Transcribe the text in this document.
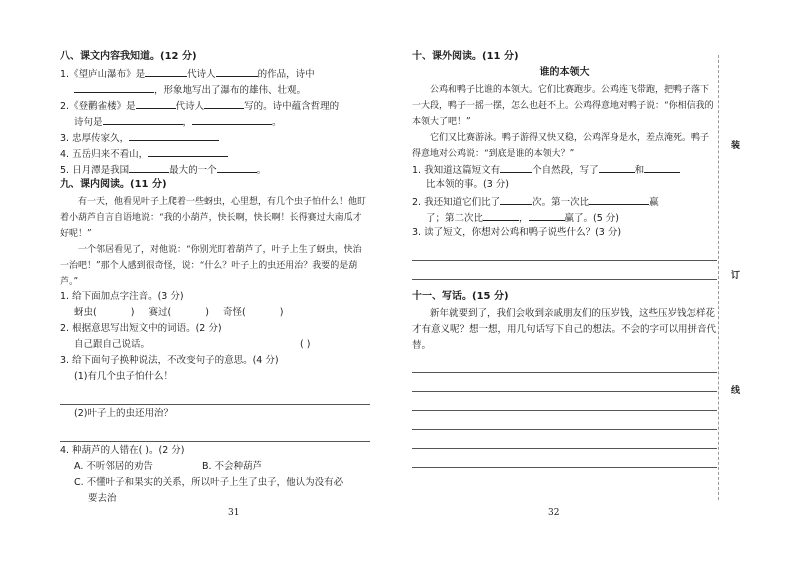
八、课文内容我知道。(12 分)
1.《望庐山瀑布》是	代诗人	的作品，诗中
，形象地写出了瀑布的雄伟、壮观。
2.《登鹳雀楼》是	代诗人	写的。诗中蕴含哲理的
诗句是	，	。
3. 忠厚传家久，
4. 五岳归来不看山，
5. 日月潭是我国	最大的一个	。
九、课内阅读。(11 分)
有一天，他看见叶子上爬着一些蚜虫，心里想，有几个虫子怕什么！他盯着小葫芦自言自语地说：“我的小葫芦，快长啊，快长啊！长得赛过大南瓜才好呢！”
一个邻居看见了，对他说：“你别光盯着葫芦了，叶子上生了蚜虫，快治一治吧！”那个人感到很奇怪，说：“什么？叶子上的虫还用治？我要的是葫芦。”
1. 给下面加点字注音。(3 分)
蚜虫(	) 赛过(	) 奇怪(	)
2. 根据意思写出短文中的词语。(2 分)
自己跟自己说话。	( )
3. 给下面句子换种说法，不改变句子的意思。(4 分)
(1)有几个虫子怕什么！
(2)叶子上的虫还用治？
4. 种葫芦的人错在( )。(2 分)
A. 不听邻居的劝告	B. 不会种葫芦
C. 不懂叶子和果实的关系，所以叶子上生了虫子，他认为没有必
要去治
31
十、课外阅读。(11 分)
谁的本领大
公鸡和鸭子比谁的本领大。它们比赛跑步。公鸡连飞带跑，把鸭子落下一大段，鸭子一摇一摆，怎么也赶不上。公鸡得意地对鸭子说：“你相信我的本领大了吧！”
它们又比赛游泳。鸭子游得又快又稳，公鸡浑身是水，差点淹死。鸭子得意地对公鸡说：“到底是谁的本领大？”
1. 我知道这篇短文有	个自然段，写了	和
比本领的事。(3 分)
2. 我还知道它们比了	次。第一次比	赢
了；第二次比	，	赢了。(5 分)
3. 读了短文，你想对公鸡和鸭子说些什么？(3 分)
十一、写话。(15 分)
新年就要到了，我们会收到亲戚朋友们的压岁钱，这些压岁钱怎样花才有意义呢？想一想，用几句话写下自己的想法。不会的字可以用拼音代替。
32
装
订
线
